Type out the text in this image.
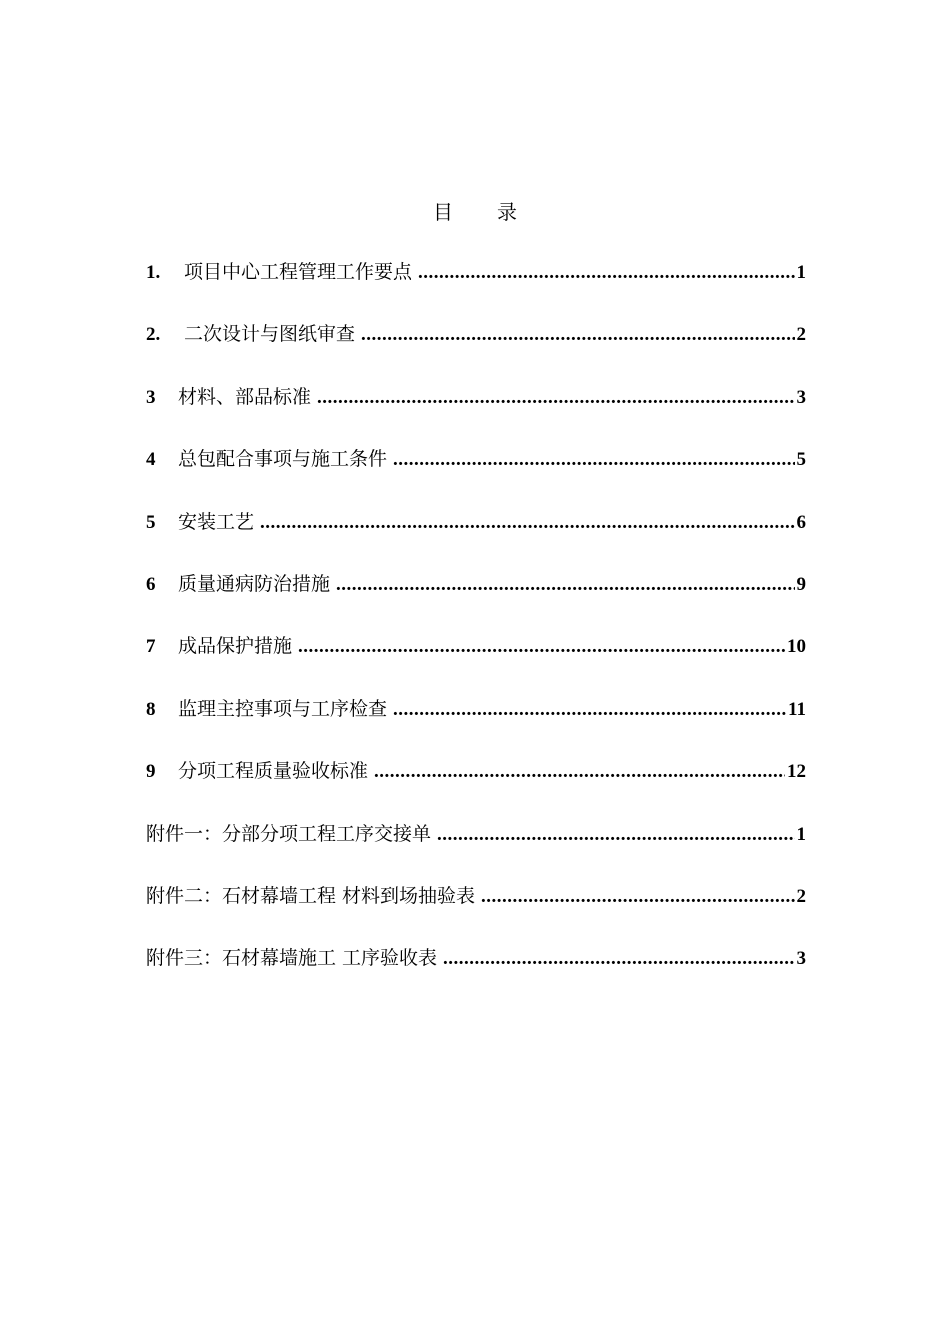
目 录
1.	项目中心工程管理工作要点 .....	1
2.	二次设计与图纸审查 .....	2
3	材料、部品标准 .....	3
4	总包配合事项与施工条件 .....	5
5	安装工艺 .....	6
6	质量通病防治措施 .....	9
7	成品保护措施 .....	10
8	监理主控事项与工序检查 .....	11
9	分项工程质量验收标准 .....	12
附件一：分部分项工程工序交接单 .....	1
附件二：石材幕墙工程 材料到场抽验表 .....	2
附件三：石材幕墙施工 工序验收表 .....	3
